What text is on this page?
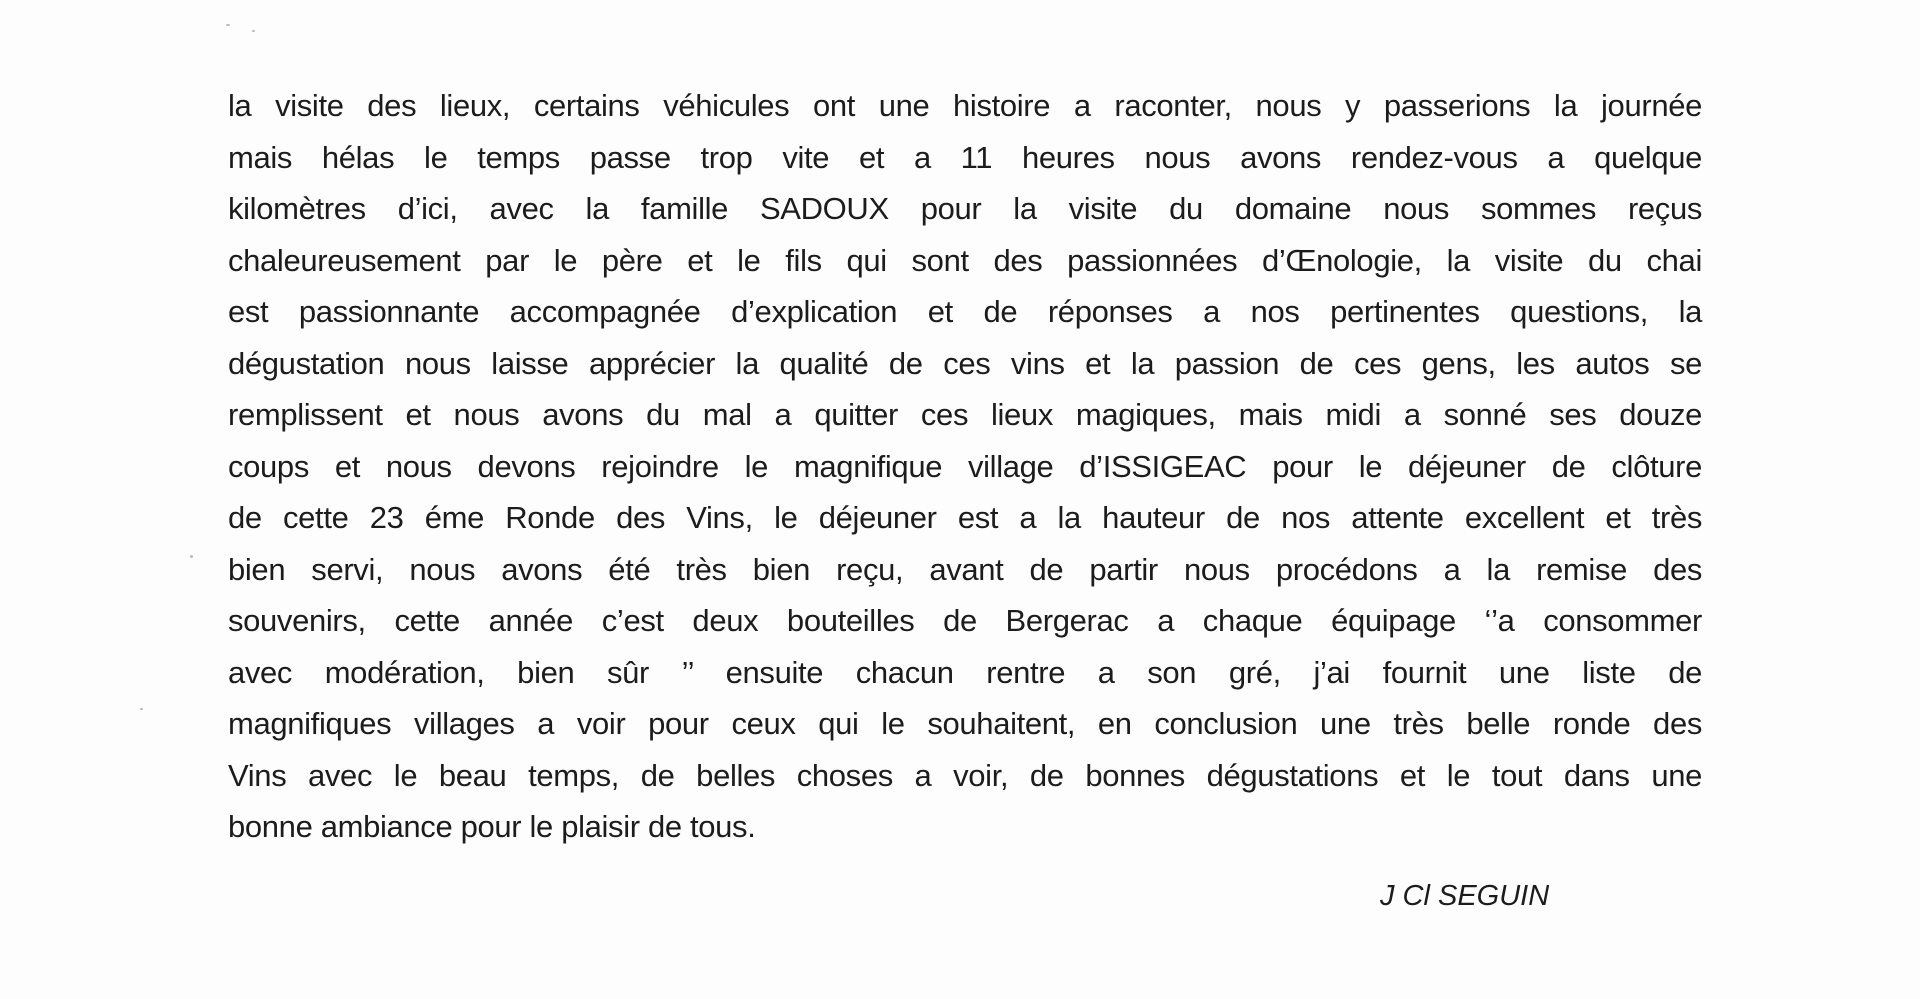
la visite des lieux, certains véhicules ont une histoire a raconter, nous y passerions la journée
mais hélas le temps passe trop vite et a 11 heures nous avons rendez-vous a quelque
kilomètres d’ici, avec la famille SADOUX pour la visite du domaine nous sommes reçus
chaleureusement par le père et le fils qui sont des passionnées d’Œnologie, la visite du chai
est passionnante accompagnée d’explication et de réponses a nos pertinentes questions, la
dégustation nous laisse apprécier la qualité de ces vins et la passion de ces gens, les autos se
remplissent et nous avons du mal a quitter ces lieux magiques, mais midi a sonné ses douze
coups et nous devons rejoindre le magnifique village d’ISSIGEAC pour le déjeuner de clôture
de cette 23 éme Ronde des Vins, le déjeuner est a la hauteur de nos attente excellent et très
bien servi, nous avons été très bien reçu, avant de partir nous procédons a la remise des
souvenirs, cette année c’est deux bouteilles de Bergerac a chaque équipage ‘’a consommer
avec modération, bien sûr ’’ ensuite chacun rentre a son gré, j’ai fournit une liste de
magnifiques villages a voir pour ceux qui le souhaitent, en conclusion une très belle ronde des
Vins avec le beau temps, de belles choses a voir, de bonnes dégustations et le tout dans une
bonne ambiance pour le plaisir de tous.
J Cl SEGUIN
